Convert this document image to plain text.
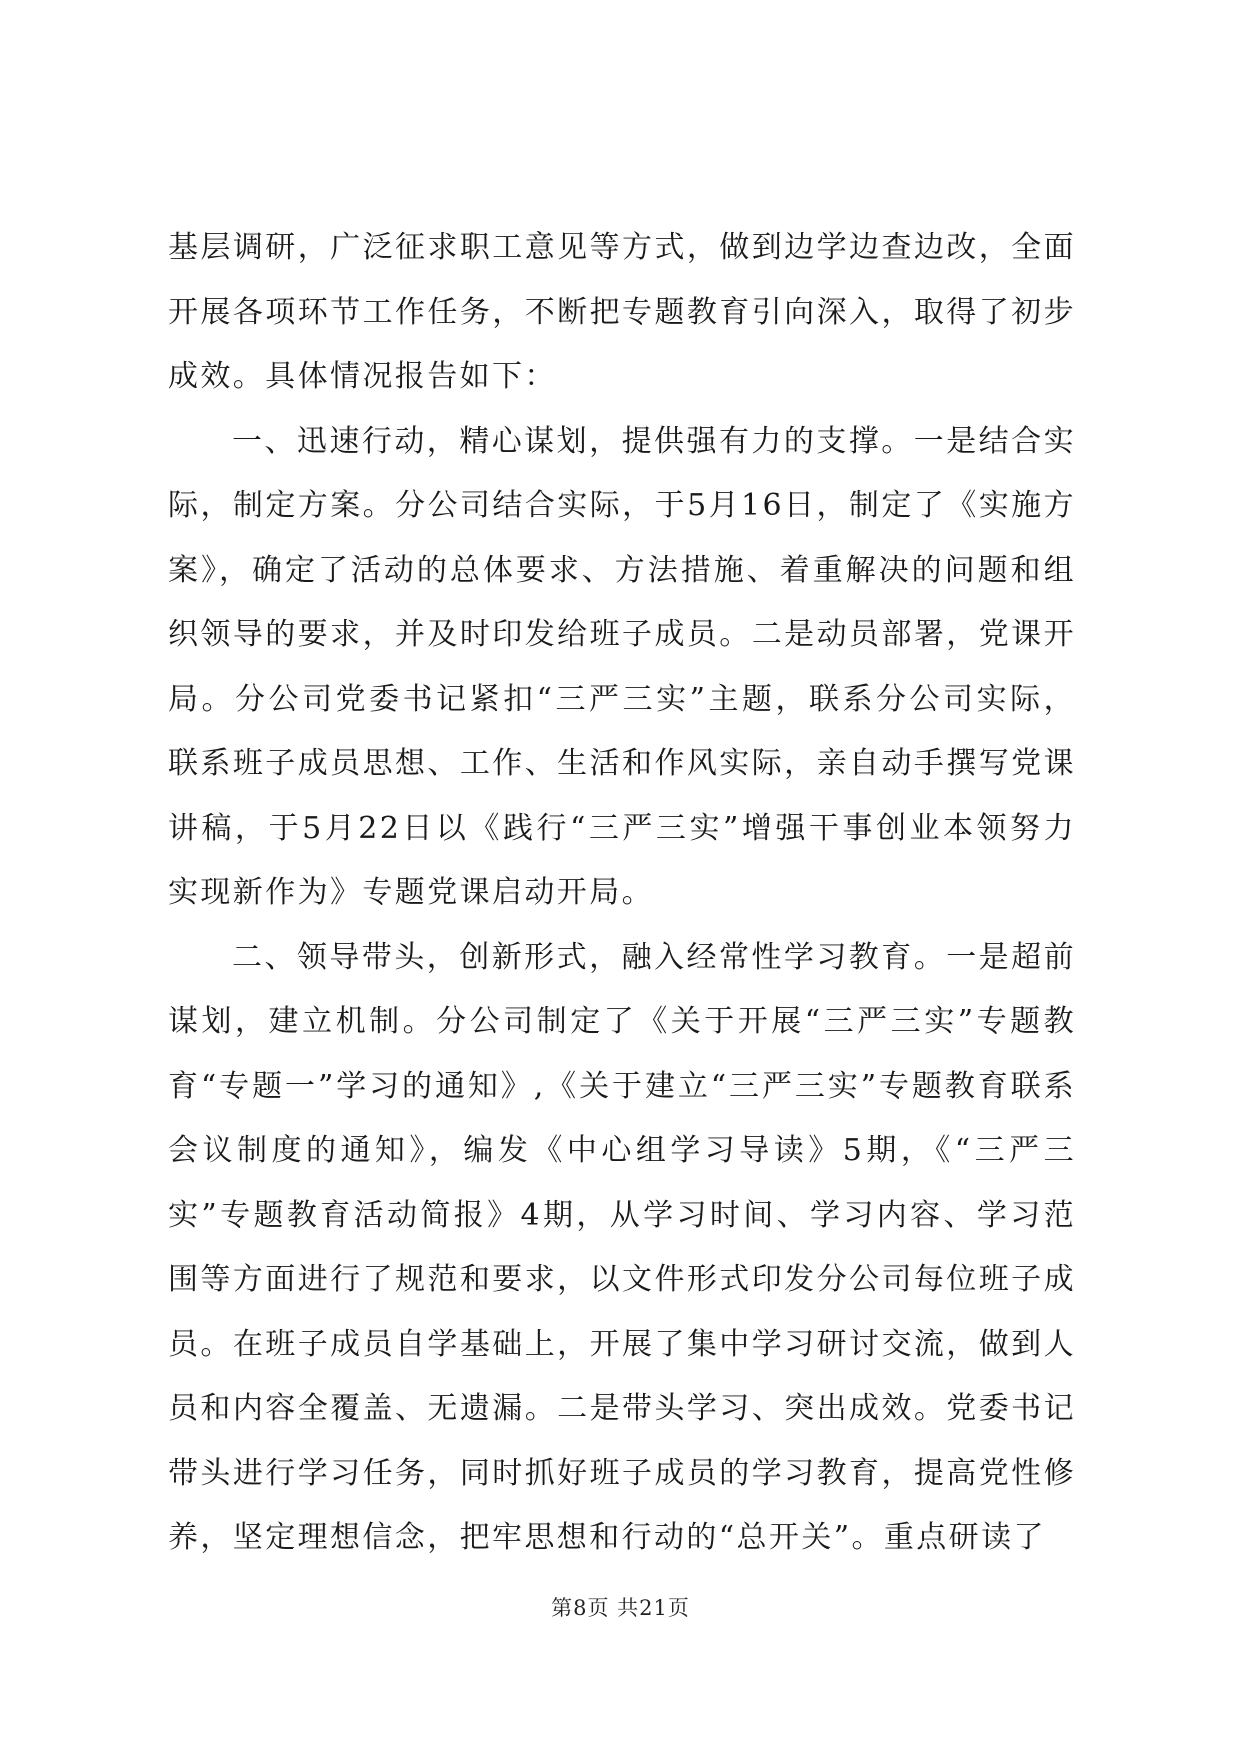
基层调研，广泛征求职工意见等方式，做到边学边查边改，全面开展各项环节工作任务，不断把专题教育引向深入，取得了初步成效。具体情况报告如下：

一、迅速行动，精心谋划，提供强有力的支撑。一是结合实际，制定方案。分公司结合实际，于5月16日，制定了《实施方案》，确定了活动的总体要求、方法措施、着重解决的问题和组织领导的要求，并及时印发给班子成员。二是动员部署，党课开局。分公司党委书记紧扣“三严三实”主题，联系分公司实际，联系班子成员思想、工作、生活和作风实际，亲自动手撰写党课讲稿，于5月22日以《践行“三严三实”增强干事创业本领努力实现新作为》专题党课启动开局。

二、领导带头，创新形式，融入经常性学习教育。一是超前谋划，建立机制。分公司制定了《关于开展“三严三实”专题教育“专题一”学习的通知》,《关于建立“三严三实”专题教育联系会议制度的通知》，编发《中心组学习导读》5期，《“三严三实”专题教育活动简报》4期，从学习时间、学习内容、学习范围等方面进行了规范和要求，以文件形式印发分公司每位班子成员。在班子成员自学基础上，开展了集中学习研讨交流，做到人员和内容全覆盖、无遗漏。二是带头学习、突出成效。党委书记带头进行学习任务，同时抓好班子成员的学习教育，提高党性修养，坚定理想信念，把牢思想和行动的“总开关”。重点研读了

第8页 共21页
